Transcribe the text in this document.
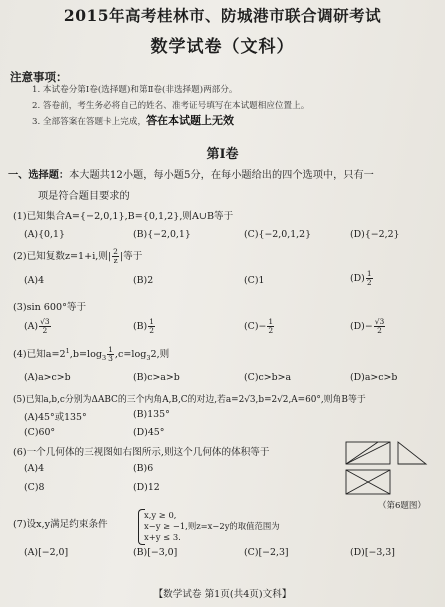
2015年高考桂林市、防城港市联合调研考试
数学试卷（文科）
注意事项：
1. 本试卷分第Ⅰ卷(选择题)和第Ⅱ卷(非选择题)两部分。
2. 答卷前，考生务必将自己的姓名、准考证号填写在本试题相应位置上。
3. 全部答案在答题卡上完成，答在本试题上无效
第Ⅰ卷
一、选择题：本大题共12小题，每小题5分，在每小题给出的四个选项中，只有一
项是符合题目要求的
(1)已知集合A={−2,0,1},B={0,1,2},则A∪B等于
(A){0,1}	(B){−2,0,1}	(C){−2,0,1,2}	(D){−2,2}
(2)已知复数z=1+i,则| $\frac{2}{z}$ |等于
(A)4	(B)2	(C)1	$(D) \frac{1}{2}$
(3)sin 600°等于
$(A) \frac{√3}{2}$	$(B) \frac{1}{2}$	$(C)- \frac{1}{2}$	$(D)- \frac{√3}{2}$
(4)已知$a=2^1,b=\log_3 \frac{1}{3} ,c=\log_32$,则
(A)a>c>b	(B)c>a>b	(C)c>b>a	(D)a>c>b
(5)已知a,b,c分别为ΔABC的三个内角A,B,C的对边,若a=2√3,b=2√2,A=60°,则角B等于
(A)45°或135°	(B)135°
(C)60°	(D)45°
(6)一个几何体的三视图如右图所示,则这个几何体的体积等于
(A)4	(B)6
(C)8	(D)12
（第6题图）
(7)设x,y满足约束条件
x,y ≥ 0,
x−y ≥ −1,则z=x−2y的取值范围为
x+y ≤ 3.
(A)[−2,0]	(B)[−3,0]	(C)[−2,3]	(D)[−3,3]
【数学试卷 第1页(共4页)文科】
